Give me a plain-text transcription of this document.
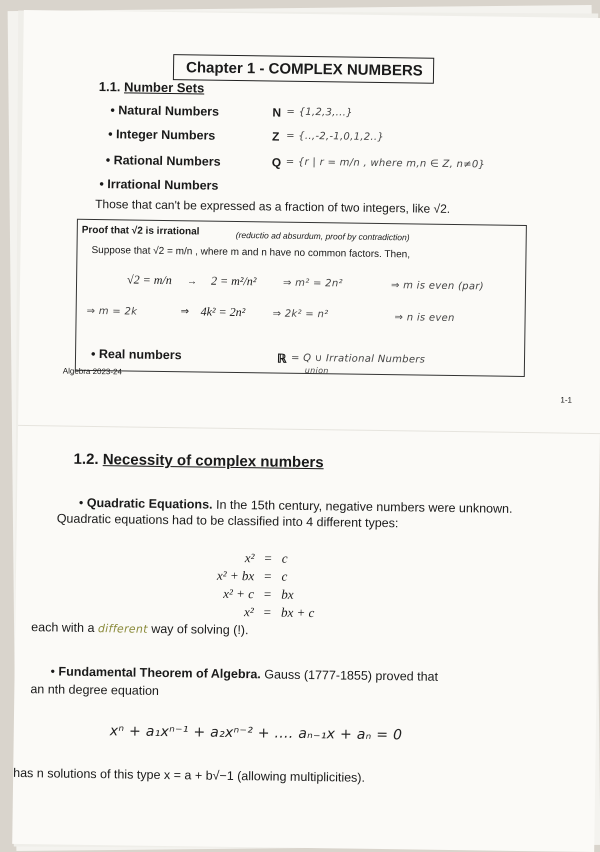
Chapter 1 - COMPLEX NUMBERS
1.1. Number Sets
• Natural Numbers	N = {1,2,3,...}
• Integer Numbers	Z = {..,-2,-1,0,1,2..}
• Rational Numbers	Q = {r | r = m/n , where m,n ∈ Z, n≠0}
• Irrational Numbers
Those that can't be expressed as a fraction of two integers, like √2.
Proof that √2 is irrational	(reductio ad absurdum, proof by contradiction)
Suppose that √2 = m/n , where m and n have no common factors. Then,
√2 = m/n → 2 = m²/n²	⇒ m² = 2n²	⇒ m is even (par)
⇒ m = 2k	⇒ 4k² = 2n²	⇒ 2k² = n²	⇒ n is even
• Real numbers	ℝ = Q ∪ Irrational Numbers
union
Algebra 2023-24
1-1
1.2. Necessity of complex numbers
• Quadratic Equations. In the 15th century, negative numbers were unknown. Quadratic equations had to be classified into 4 different types:
x²	=	c
x² + bx	=	c
x² + c	=	bx
x²	=	bx + c
each with a different way of solving (!).
• Fundamental Theorem of Algebra. Gauss (1777-1855) proved that
an nth degree equation
xⁿ + a₁xⁿ⁻¹ + a₂xⁿ⁻² + .... aₙ₋₁x + aₙ = 0
has n solutions of this type x = a + b√−1 (allowing multiplicities).
